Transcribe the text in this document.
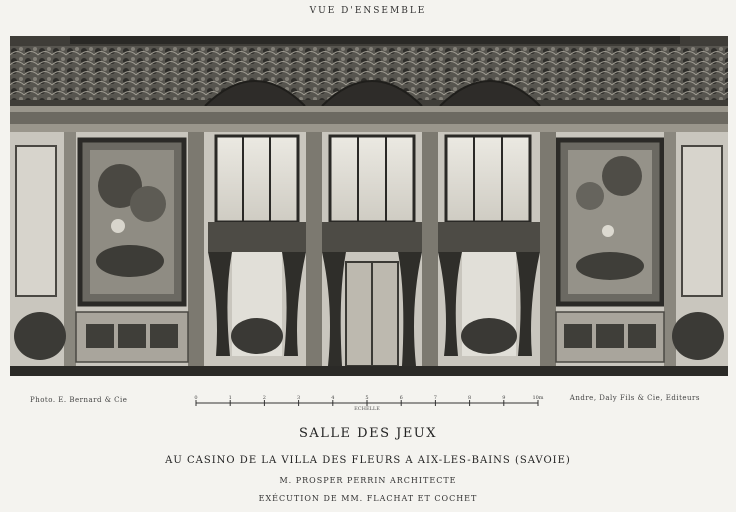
VUE D'ENSEMBLE
Photo. E. Bernard & Cie	0	1	2	3	4	5	6	7	8	9	10m
ECHELLE
Andre, Daly Fils & Cie, Editeurs
SALLE DES JEUX
AU CASINO DE LA VILLA DES FLEURS A AIX-LES-BAINS (SAVOIE)
M. PROSPER PERRIN ARCHITECTE
EXÉCUTION DE MM. FLACHAT ET COCHET
